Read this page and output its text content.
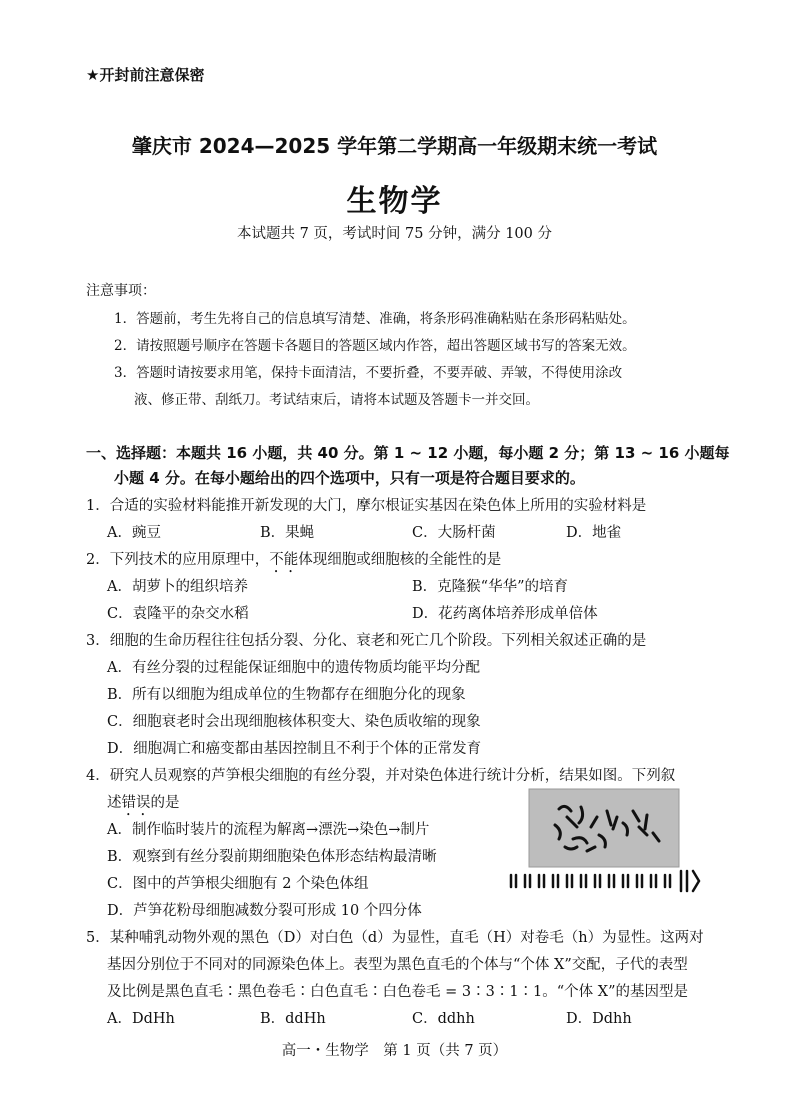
★开封前注意保密
肇庆市 2024—2025 学年第二学期高一年级期末统一考试
生物学
本试题共 7 页，考试时间 75 分钟，满分 100 分
注意事项：
1．答题前，考生先将自己的信息填写清楚、准确，将条形码准确粘贴在条形码粘贴处。
2．请按照题号顺序在答题卡各题目的答题区域内作答，超出答题区域书写的答案无效。
3．答题时请按要求用笔，保持卡面清洁，不要折叠，不要弄破、弄皱，不得使用涂改
液、修正带、刮纸刀。考试结束后，请将本试题及答题卡一并交回。
一、选择题：本题共 16 小题，共 40 分。第 1 ~ 12 小题，每小题 2 分；第 13 ~ 16 小题每
小题 4 分。在每小题给出的四个选项中，只有一项是符合题目要求的。
1．合适的实验材料能推开新发现的大门，摩尔根证实基因在染色体上所用的实验材料是
A．豌豆	B．果蝇	C．大肠杆菌	D．地雀
2．下列技术的应用原理中，不能体现细胞或细胞核的全能性的是
A．胡萝卜的组织培养	B．克隆猴“华华”的培育
C．袁隆平的杂交水稻	D．花药离体培养形成单倍体
3．细胞的生命历程往往包括分裂、分化、衰老和死亡几个阶段。下列相关叙述正确的是
A．有丝分裂的过程能保证细胞中的遗传物质均能平均分配
B．所有以细胞为组成单位的生物都存在细胞分化的现象
C．细胞衰老时会出现细胞核体积变大、染色质收缩的现象
D．细胞凋亡和癌变都由基因控制且不利于个体的正常发育
4．研究人员观察的芦笋根尖细胞的有丝分裂，并对染色体进行统计分析，结果如图。下列叙
述错误的是
A．制作临时装片的流程为解离→漂洗→染色→制片
B．观察到有丝分裂前期细胞染色体形态结构最清晰
C．图中的芦笋根尖细胞有 2 个染色体组
D．芦笋花粉母细胞减数分裂可形成 10 个四分体
5．某种哺乳动物外观的黑色（D）对白色（d）为显性，直毛（H）对卷毛（h）为显性。这两对
基因分别位于不同对的同源染色体上。表型为黑色直毛的个体与“个体 X”交配，子代的表型
及比例是黑色直毛∶黑色卷毛∶白色直毛∶白色卷毛 = 3∶3∶1∶1。“个体 X”的基因型是
A．DdHh	B．ddHh	C．ddhh	D．Ddhh
高一・生物学　第 1 页（共 7 页）
